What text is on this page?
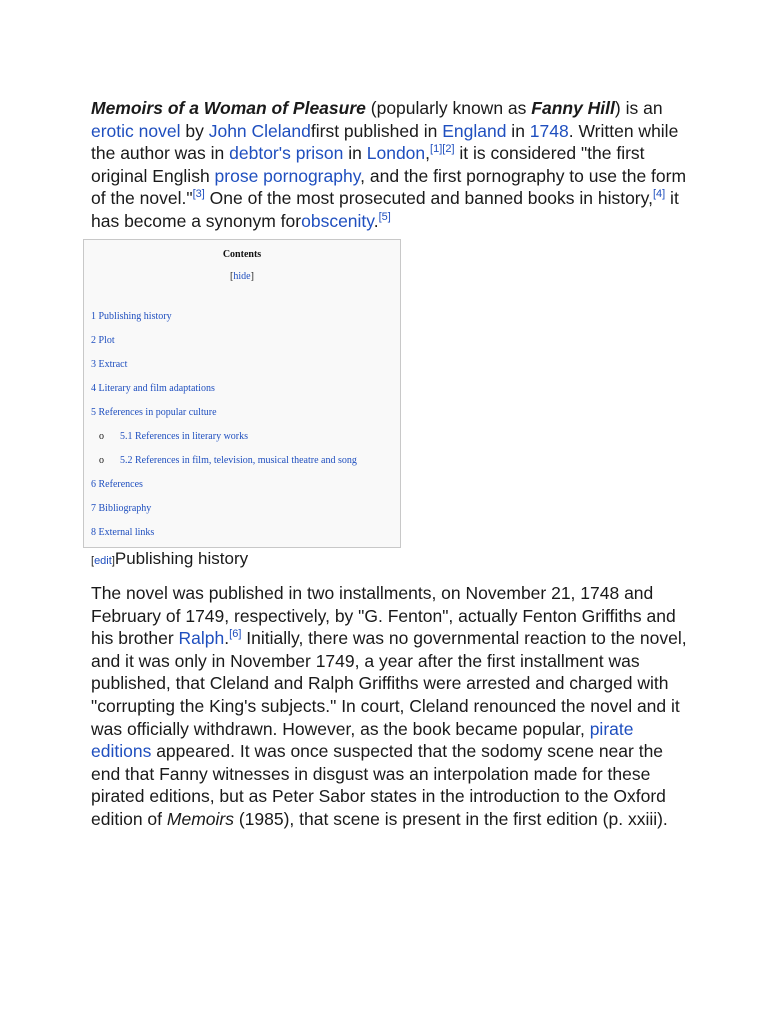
Memoirs of a Woman of Pleasure (popularly known as Fanny Hill) is an erotic novel by John Clelandfirst published in England in 1748. Written while the author was in debtor's prison in London,[1][2] it is considered "the first original English prose pornography, and the first pornography to use the form of the novel."[3] One of the most prosecuted and banned books in history,[4] it has become a synonym forobscenity.[5]

Contents
[hide]
1 Publishing history
2 Plot
3 Extract
4 Literary and film adaptations
5 References in popular culture
o 5.1 References in literary works
o 5.2 References in film, television, musical theatre and song
6 References
7 Bibliography
8 External links
[edit]Publishing history

The novel was published in two installments, on November 21, 1748 and February of 1749, respectively, by "G. Fenton", actually Fenton Griffiths and his brother Ralph.[6] Initially, there was no governmental reaction to the novel, and it was only in November 1749, a year after the first installment was published, that Cleland and Ralph Griffiths were arrested and charged with "corrupting the King's subjects." In court, Cleland renounced the novel and it was officially withdrawn. However, as the book became popular, pirate editions appeared. It was once suspected that the sodomy scene near the end that Fanny witnesses in disgust was an interpolation made for these pirated editions, but as Peter Sabor states in the introduction to the Oxford edition of Memoirs (1985), that scene is present in the first edition (p. xxiii).
